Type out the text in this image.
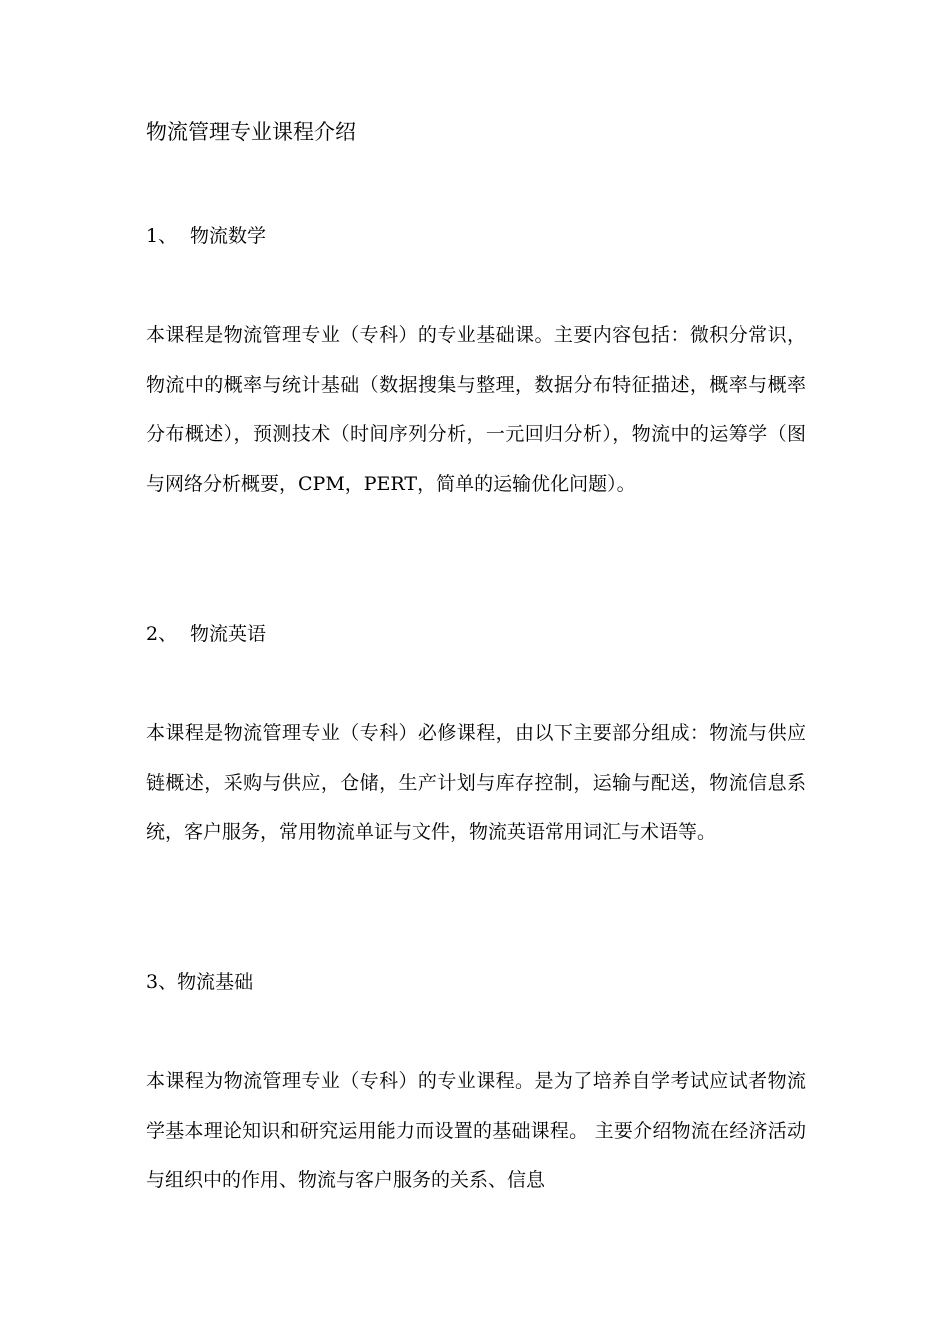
物流管理专业课程介绍
1、 物流数学
本课程是物流管理专业（专科）的专业基础课。主要内容包括：微积分常识，物流中的概率与统计基础（数据搜集与整理，数据分布特征描述，概率与概率分布概述），预测技术（时间序列分析，一元回归分析），物流中的运筹学（图与网络分析概要，CPM，PERT，简单的运输优化问题）。
2、 物流英语
本课程是物流管理专业（专科）必修课程，由以下主要部分组成：物流与供应链概述，采购与供应，仓储，生产计划与库存控制，运输与配送，物流信息系统，客户服务，常用物流单证与文件，物流英语常用词汇与术语等。
3、物流基础
本课程为物流管理专业（专科）的专业课程。是为了培养自学考试应试者物流学基本理论知识和研究运用能力而设置的基础课程。 主要介绍物流在经济活动与组织中的作用、物流与客户服务的关系、信息
